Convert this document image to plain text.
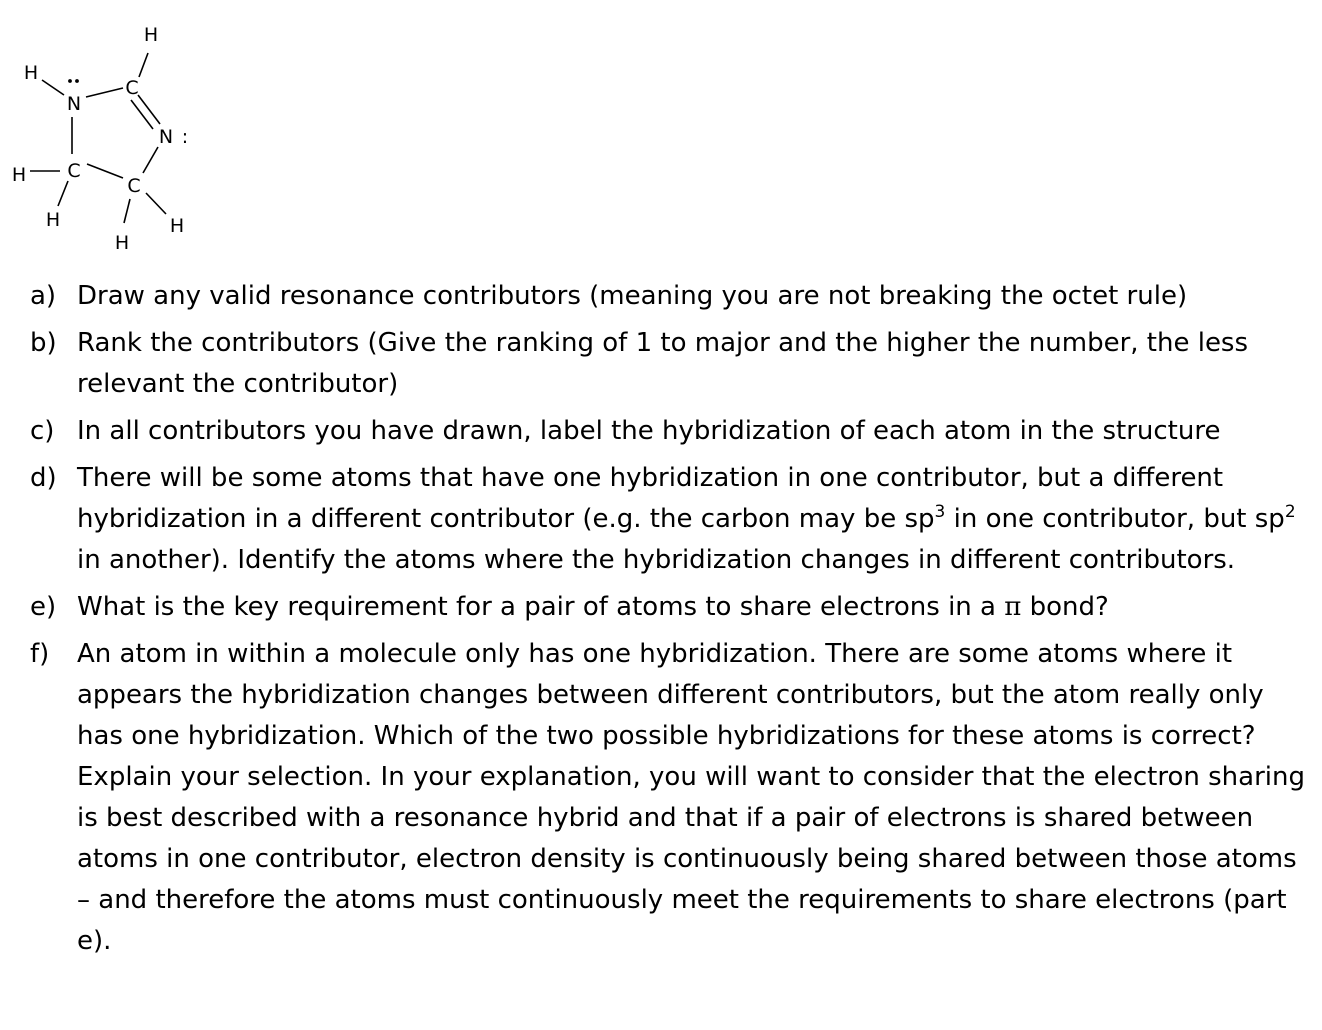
H
H
N
C
N :
C
C
H
H
H
H
a) Draw any valid resonance contributors (meaning you are not breaking the octet rule)
b) Rank the contributors (Give the ranking of 1 to major and the higher the number, the less relevant the contributor)
c) In all contributors you have drawn, label the hybridization of each atom in the structure
d) There will be some atoms that have one hybridization in one contributor, but a different hybridization in a different contributor (e.g. the carbon may be $sp^3$ in one contributor, but $sp^2$ in another). Identify the atoms where the hybridization changes in different contributors.
e) What is the key requirement for a pair of atoms to share electrons in a π bond?
f)	An atom in within a molecule only has one hybridization. There are some atoms where it appears the hybridization changes between different contributors, but the atom really only has one hybridization. Which of the two possible hybridizations for these atoms is correct? Explain your selection. In your explanation, you will want to consider that the electron sharing is best described with a resonance hybrid and that if a pair of electrons is shared between atoms in one contributor, electron density is continuously being shared between those atoms – and therefore the atoms must continuously meet the requirements to share electrons (part e).
